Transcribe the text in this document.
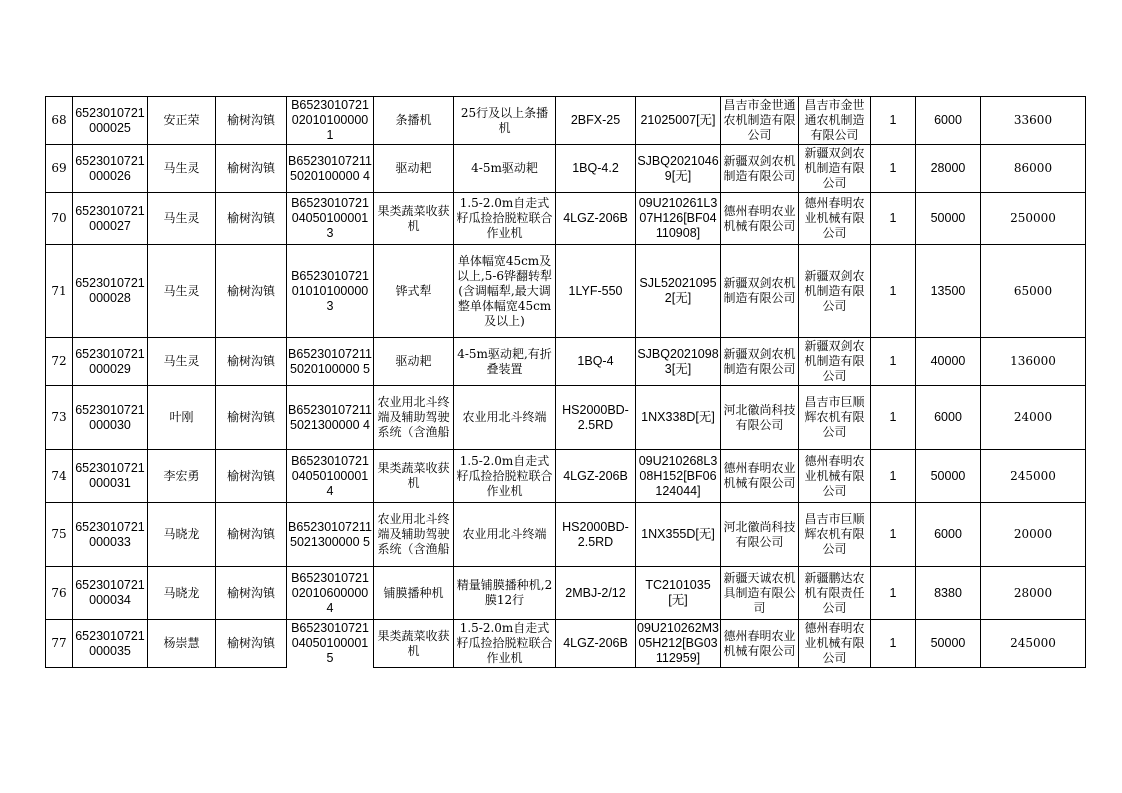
68	6523010721000025	安正荣	榆树沟镇	B652301072102010100000 1	条播机	25行及以上条播机	2BFX-25	21025007[无]	昌吉市金世通农机制造有限公司	昌吉市金世通农机制造有限公司	1	6000	33600

69	6523010721000026	马生灵	榆树沟镇	B652301072115020100000 4	驱动耙	4-5m驱动耙	1BQ-4.2	SJBQ20210469[无]	新疆双剑农机制造有限公司	新疆双剑农机制造有限公司	1	28000	86000

70	6523010721000027	马生灵	榆树沟镇	B652301072104050100001 3	果类蔬菜收获机	1.5-2.0m自走式籽瓜捡拾脱粒联合作业机	4LGZ-206B	09U210261L307H126[BF04110908]	德州春明农业机械有限公司	德州春明农业机械有限公司	1	50000	250000

71	6523010721000028	马生灵	榆树沟镇	B652301072101010100000 3	铧式犁	单体幅宽45cm及以上,5-6铧翻转犁(含调幅犁,最大调整单体幅宽45cm及以上)	1LYF-550	SJL520210952[无]	新疆双剑农机制造有限公司	新疆双剑农机制造有限公司	1	13500	65000

72	6523010721000029	马生灵	榆树沟镇	B652301072115020100000 5	驱动耙	4-5m驱动耙,有折叠装置	1BQ-4	SJBQ20210983[无]	新疆双剑农机制造有限公司	新疆双剑农机制造有限公司	1	40000	136000

73	6523010721000030	叶刚	榆树沟镇	B652301072115021300000 4	农业用北斗终端及辅助驾驶系统（含渔船	农业用北斗终端	HS2000BD-2.5RD	1NX338D[无]	河北徽尚科技有限公司	昌吉市巨顺辉农机有限公司	1	6000	24000

74	6523010721000031	李宏勇	榆树沟镇	B652301072104050100001 4	果类蔬菜收获机	1.5-2.0m自走式籽瓜捡拾脱粒联合作业机	4LGZ-206B	09U210268L308H152[BF06124044]	德州春明农业机械有限公司	德州春明农业机械有限公司	1	50000	245000

75	6523010721000033	马晓龙	榆树沟镇	B652301072115021300000 5	农业用北斗终端及辅助驾驶系统（含渔船	农业用北斗终端	HS2000BD-2.5RD	1NX355D[无]	河北徽尚科技有限公司	昌吉市巨顺辉农机有限公司	1	6000	20000

76	6523010721000034	马晓龙	榆树沟镇	B652301072102010600000 4	铺膜播种机	精量铺膜播种机,2膜12行	2MBJ-2/12	TC2101035[无]	新疆天诚农机具制造有限公司	新疆鹏达农机有限责任公司	1	8380	28000

77	6523010721000035	杨崇慧	榆树沟镇	B652301072104050100001 5	果类蔬菜收获机	1.5-2.0m自走式籽瓜捡拾脱粒联合作业机	4LGZ-206B	09U210262M305H212[BG03112959]	德州春明农业机械有限公司	德州春明农业机械有限公司	1	50000	245000
